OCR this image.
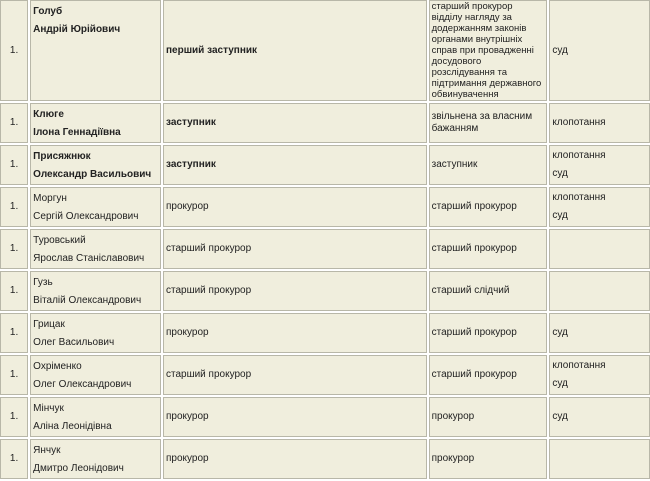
1.	Голуб
Андрій Юрійович	перший заступник	старший прокурор відділу нагляду за додержанням законів органами внутрішніх справ при провадженні досудового розслідування та підтримання державного обвинувачення	суд

1.	Клюге
Ілона Геннадіївна	заступник	звільнена за власним бажанням	клопотання

1.	Присяжнюк
Олександр Васильович	заступник	заступник	клопотання
суд

1.	Моргун
Сергій Олександрович	прокурор	старший прокурор	клопотання
суд

1.	Туровський
Ярослав Станіславович	старший прокурор	старший прокурор	
1.	Гузь
Віталій Олександрович	старший прокурор	старший слідчий	
1.	Грицак
Олег Васильович	прокурор	старший прокурор	суд

1.	Охріменко
Олег Олександрович	старший прокурор	старший прокурор	клопотання
суд

1.	Мінчук
Аліна Леонідівна	прокурор	прокурор	суд

1.	Янчук
Дмитро Леонідович	прокурор	прокурор	
